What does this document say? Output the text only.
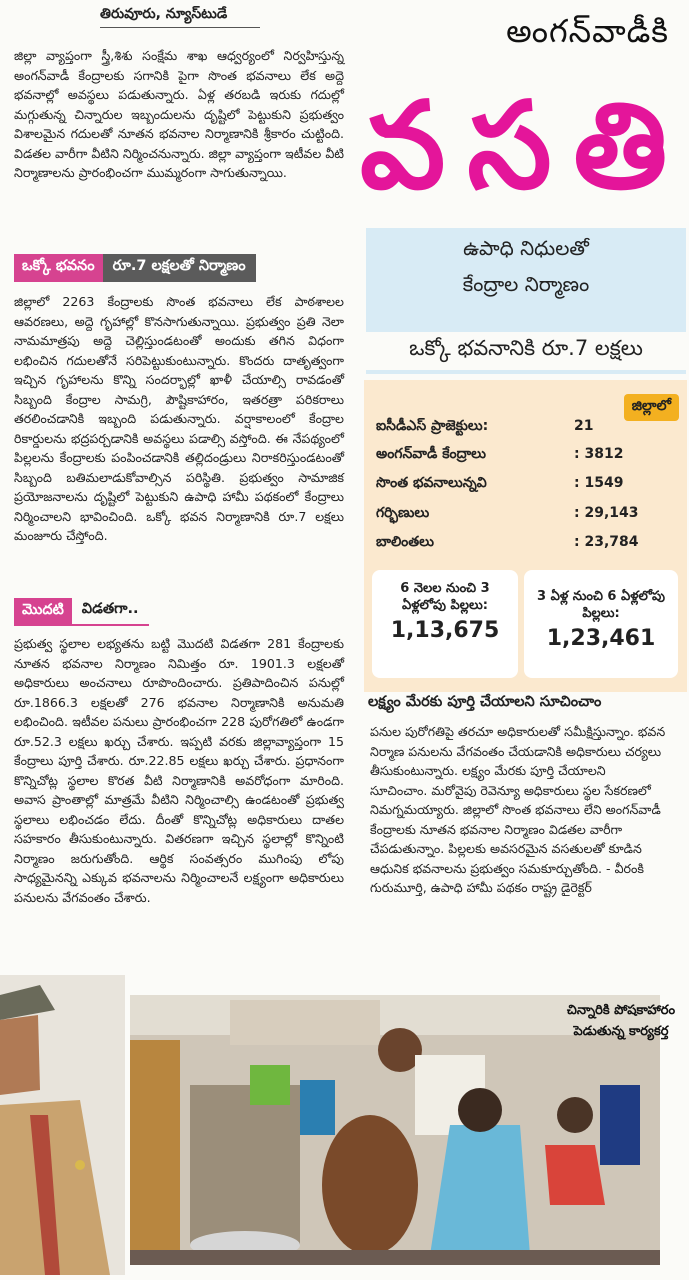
తిరువూరు, న్యూస్‌టుడే

జిల్లా వ్యాప్తంగా స్త్రీ,శిశు సంక్షేమ శాఖ ఆధ్వర్యంలో నిర్వహిస్తున్న అంగన్‌వాడీ కేంద్రాలకు సగానికి పైగా సొంత భవనాలు లేక అద్దె భవనాల్లో అవస్థలు పడుతున్నారు. ఏళ్ల తరబడి ఇరుకు గదుల్లో మగ్గుతున్న చిన్నారుల ఇబ్బందులను దృష్టిలో పెట్టుకుని ప్రభుత్వం విశాలమైన గదులతో నూతన భవనాల నిర్మాణానికి శ్రీకారం చుట్టింది. విడతల వారీగా వీటిని నిర్మించనున్నారు. జిల్లా వ్యాప్తంగా ఇటీవల వీటి నిర్మాణాలను ప్రారంభించగా ముమ్మరంగా సాగుతున్నాయి.

ఒక్కో భవనం	రూ.7 లక్షలతో నిర్మాణం

జిల్లాలో 2263 కేంద్రాలకు సొంత భవనాలు లేక పాఠశాలల ఆవరణలు, అద్దె గృహాల్లో కొనసాగుతున్నాయి. ప్రభుత్వం ప్రతి నెలా నామమాత్రపు అద్దె చెల్లిస్తుండటంతో అందుకు తగిన విధంగా లభించిన గదులతోనే సరిపెట్టుకుంటున్నారు. కొందరు దాతృత్వంగా ఇచ్చిన గృహాలను కొన్ని సందర్భాల్లో ఖాళీ చేయాల్సి రావడంతో సిబ్బంది కేంద్రాల సామగ్రి, పౌష్టికాహారం, ఇతరత్రా పరికరాలు తరలించడానికి ఇబ్బంది పడుతున్నారు. వర్షాకాలంలో కేంద్రాల రికార్డులను భద్రపర్చడానికి అవస్థలు పడాల్సి వస్తోంది. ఈ నేపథ్యంలో పిల్లలను కేంద్రాలకు పంపించడానికి తల్లిదండ్రులు నిరాకరిస్తుండటంతో సిబ్బంది బతిమలాడుకోవాల్సిన పరిస్థితి. ప్రభుత్వం సామాజిక ప్రయోజనాలను దృష్టిలో పెట్టుకుని ఉపాధి హామీ పథకంలో కేంద్రాలు నిర్మించాలని భావించింది. ఒక్కో భవన నిర్మాణానికి రూ.7 లక్షలు మంజూరు చేస్తోంది.

మొదటి	విడతగా..

ప్రభుత్వ స్థలాల లభ్యతను బట్టి మొదటి విడతగా 281 కేంద్రాలకు నూతన భవనాల నిర్మాణం నిమిత్తం రూ. 1901.3 లక్షలతో అధికారులు అంచనాలు రూపొందించారు. ప్రతిపాదించిన పనుల్లో రూ.1866.3 లక్షలతో 276 భవనాల నిర్మాణానికి అనుమతి లభించింది. ఇటీవల పనులు ప్రారంభించగా 228 పురోగతిలో ఉండగా రూ.52.3 లక్షలు ఖర్చు చేశారు. ఇప్పటి వరకు జిల్లావ్యాప్తంగా 15 కేంద్రాలు పూర్తి చేశారు. రూ.22.85 లక్షలు ఖర్చు చేశారు. ప్రధానంగా కొన్నిచోట్ల స్థలాల కొరత వీటి నిర్మాణానికి అవరోధంగా మారింది. అవాస ప్రాంతాల్లో మాత్రమే వీటిని నిర్మించాల్సి ఉండటంతో ప్రభుత్వ స్థలాలు లభించడం లేదు. దీంతో కొన్నిచోట్ల అధికారులు దాతల సహకారం తీసుకుంటున్నారు. వితరణగా ఇచ్చిన స్థలాల్లో కొన్నింటి నిర్మాణం జరుగుతోంది. ఆర్థిక సంవత్సరం ముగింపు లోపు సాధ్యమైనన్ని ఎక్కువ భవనాలను నిర్మించాలనే లక్ష్యంగా అధికారులు పనులను వేగవంతం చేశారు.

అంగన్‌వాడీకి
వసతి
ఉపాధి నిధులతో
కేంద్రాల నిర్మాణం
ఒక్కో భవనానికి రూ.7 లక్షలు
జిల్లాలో
ఐసీడీఎస్ ప్రాజెక్టులు:	21
అంగన్‌వాడీ కేంద్రాలు	: 3812
సొంత భవనాలున్నవి	: 1549
గర్భిణులు	: 29,143
బాలింతలు	: 23,784
6 నెలల నుంచి 3 ఏళ్లలోపు పిల్లలు:
1,13,675
3 ఏళ్ల నుంచి 6 ఏళ్లలోపు పిల్లలు:
1,23,461
లక్ష్యం మేరకు పూర్తి చేయాలని సూచించాం

పనుల పురోగతిపై తరచూ అధికారులతో సమీక్షిస్తున్నాం. భవన నిర్మాణ పనులను వేగవంతం చేయడానికి అధికారులు చర్యలు తీసుకుంటున్నారు. లక్ష్యం మేరకు పూర్తి చేయాలని సూచించాం. మరోవైపు రెవెన్యూ అధికారులు స్థల సేకరణలో నిమగ్నమయ్యారు. జిల్లాలో సొంత భవనాలు లేని అంగన్‌వాడీ కేంద్రాలకు నూతన భవనాల నిర్మాణం విడతల వారీగా చేపడుతున్నాం. పిల్లలకు అవసరమైన వసతులతో కూడిన ఆధునిక భవనాలను ప్రభుత్వం సమకూర్చుతోంది. - వీరంకి గురుమూర్తి, ఉపాధి హామీ పథకం రాష్ట్ర డైరెక్టర్

చిన్నారికి పోషకాహారం పెడుతున్న కార్యకర్త
